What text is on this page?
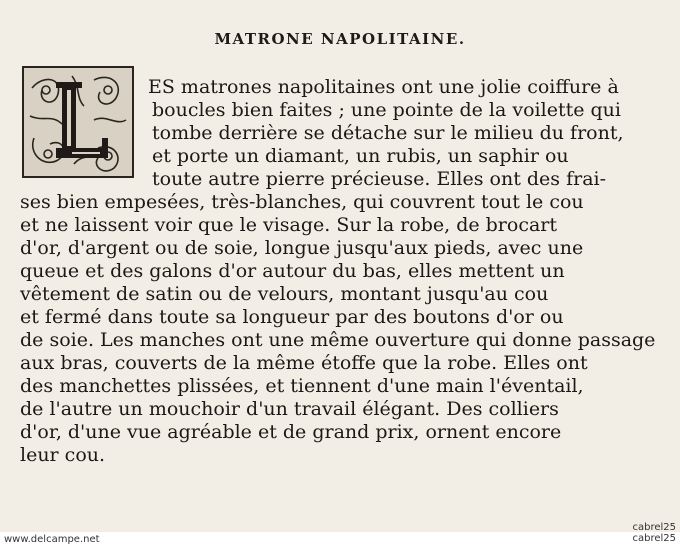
MATRONE NAPOLITAINE.
ES matrones napolitaines ont une jolie coiffure à
boucles bien faites ; une pointe de la voilette qui
tombe derrière se détache sur le milieu du front,
et porte un diamant, un rubis, un saphir ou
toute autre pierre précieuse. Elles ont des frai-
ses bien empesées, très-blanches, qui couvrent tout le cou
et ne laissent voir que le visage. Sur la robe, de brocart
d'or, d'argent ou de soie, longue jusqu'aux pieds, avec une
queue et des galons d'or autour du bas, elles mettent un
vêtement de satin ou de velours, montant jusqu'au cou
et fermé dans toute sa longueur par des boutons d'or ou
de soie. Les manches ont une même ouverture qui donne passage
aux bras, couverts de la même étoffe que la robe. Elles ont
des manchettes plissées, et tiennent d'une main l'éventail,
de l'autre un mouchoir d'un travail élégant. Des colliers
d'or, d'une vue agréable et de grand prix, ornent encore
leur cou.
www.delcampe.net
cabrel25
cabrel25
